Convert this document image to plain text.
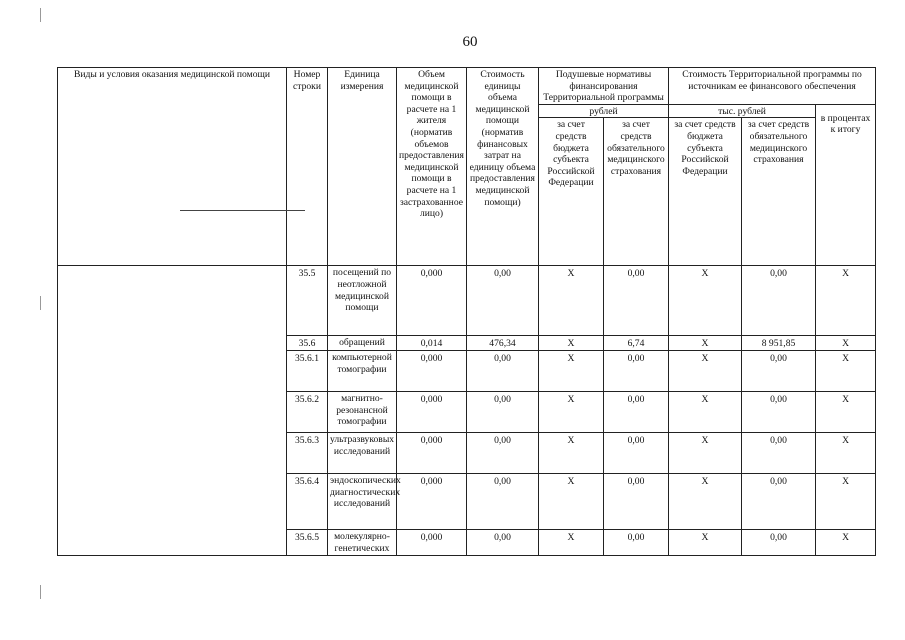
60
Виды и условия оказания медицинской помощи	Номер строки	Единица измерения	Объем медицинской помощи в расчете на 1 жителя (норматив объемов предоставления медицинской помощи в расчете на 1 застрахованное лицо)	Стоимость единицы объема медицинской помощи (норматив финансовых затрат на единицу объема предоставления медицинской помощи)	Подушевые нормативы финансирования Территориальной программы		Стоимость Территориальной программы по источникам ее финансового обеспечения		
					рублей		тыс. рублей		в процентах к итогу
					за счет средств бюджета субъекта Российской Федерации	за счет средств обязательного медицинского страхования	за счет средств бюджета субъекта Российской Федерации	за счет средств обязательного медицинского страхования	
	35.5	посещений по неотложной медицинской помощи	0,000	0,00	Х	0,00	Х	0,00	Х
	35.6	обращений	0,014	476,34	Х	6,74	Х	8 951,85	Х
	35.6.1	компьютерной томографии	0,000	0,00	Х	0,00	Х	0,00	Х
	35.6.2	магнитно-резонансной томографии	0,000	0,00	Х	0,00	Х	0,00	Х
	35.6.3	ультразвуковых исследований	0,000	0,00	Х	0,00	Х	0,00	Х
	35.6.4	эндоскопических диагностических исследований	0,000	0,00	Х	0,00	Х	0,00	Х
	35.6.5	молекулярно-генетических	0,000	0,00	Х	0,00	Х	0,00	Х
